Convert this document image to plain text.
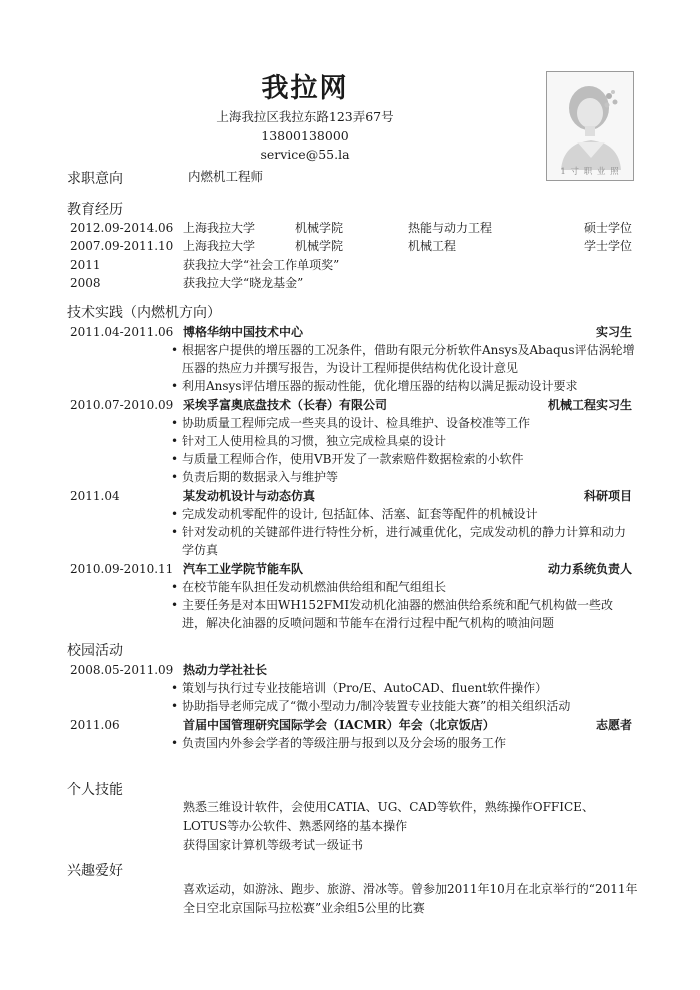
我拉网
上海我拉区我拉东路123弄67号
13800138000
service@55.la
1 寸 职 业 照
求职意向	内燃机工程师
教育经历
2012.09-2014.06 上海我拉大学	机械学院	热能与动力工程	硕士学位
2007.09-2011.10 上海我拉大学	机械学院	机械工程	学士学位
2011	获我拉大学“社会工作单项奖”
2008	获我拉大学“晓龙基金”
技术实践（内燃机方向）
2011.04-2011.06 博格华纳中国技术中心	实习生
• 根据客户提供的增压器的工况条件，借助有限元分析软件Ansys及Abaqus评估涡轮增压器的热应力并撰写报告，为设计工程师提供结构优化设计意见
• 利用Ansys评估增压器的振动性能，优化增压器的结构以满足振动设计要求
2010.07-2010.09 采埃孚富奥底盘技术（长春）有限公司	机械工程实习生
• 协助质量工程师完成一些夹具的设计、检具维护、设备校准等工作
• 针对工人使用检具的习惯，独立完成检具桌的设计
• 与质量工程师合作，使用VB开发了一款索赔件数据检索的小软件
• 负责后期的数据录入与维护等
2011.04	某发动机设计与动态仿真	科研项目
• 完成发动机零配件的设计, 包括缸体、活塞、缸套等配件的机械设计
• 针对发动机的关键部件进行特性分析，进行减重优化，完成发动机的静力计算和动力学仿真
2010.09-2010.11 汽车工业学院节能车队	动力系统负责人
• 在校节能车队担任发动机燃油供给组和配气组组长
• 主要任务是对本田WH152FMI发动机化油器的燃油供给系统和配气机构做一些改进，解决化油器的反喷问题和节能车在滑行过程中配气机构的喷油问题
校园活动
2008.05-2011.09 热动力学社社长
• 策划与执行过专业技能培训（Pro/E、AutoCAD、fluent软件操作）
• 协助指导老师完成了“微小型动力/制冷装置专业技能大赛”的相关组织活动
2011.06	首届中国管理研究国际学会（IACMR）年会（北京饭店）	志愿者
• 负责国内外参会学者的等级注册与报到以及分会场的服务工作
个人技能
熟悉三维设计软件，会使用CATIA、UG、CAD等软件，熟练操作OFFICE、LOTUS等办公软件、熟悉网络的基本操作
获得国家计算机等级考试一级证书
兴趣爱好
喜欢运动，如游泳、跑步、旅游、滑冰等。曾参加2011年10月在北京举行的“2011年全日空北京国际马拉松赛”业余组5公里的比赛
